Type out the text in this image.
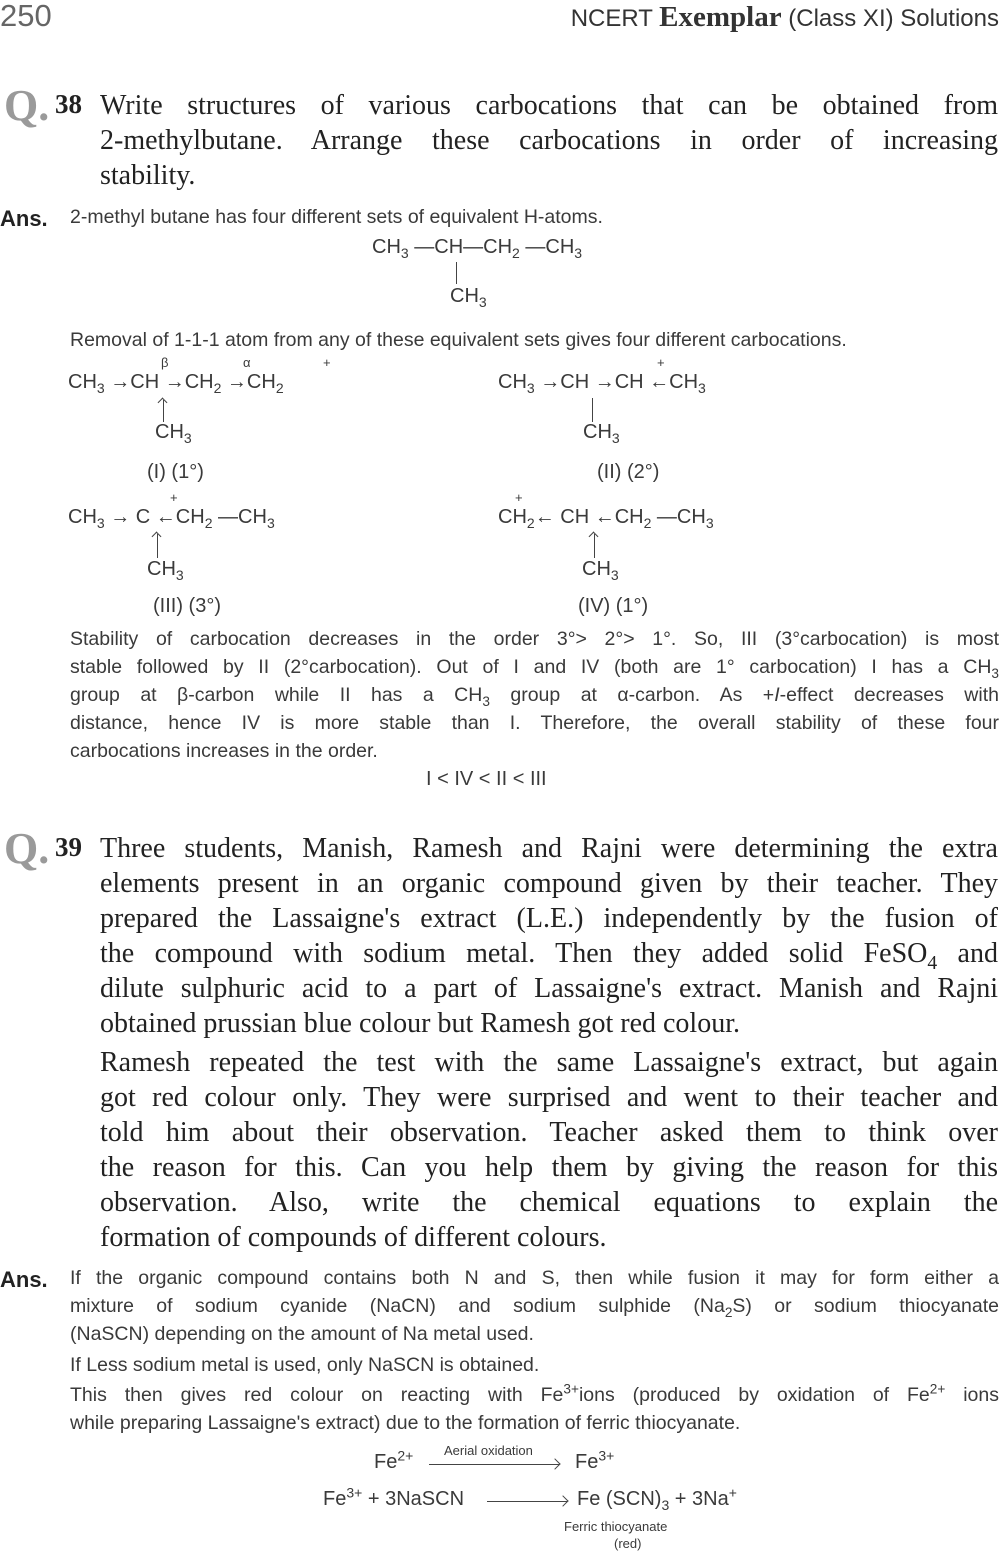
250	NCERT Exemplar (Class XI) Solutions
Q. 38 Write structures of various carbocations that can be obtained from
2-methylbutane. Arrange these carbocations in order of increasing
stability.
Ans. 2-methyl butane has four different sets of equivalent H-atoms.
$CH_3$ $—CH—CH_2$ $—CH_3$
$CH_3$
Removal of 1-1-1 atom from any of these equivalent sets gives four different carbocations.
β	α	+
$CH_3 \to CH \to CH_2 \to CH_2$
$CH_3$
(I) (1°)
+
$CH_3 \to CH \to CH$ $\leftarrow CH_3$
$CH_3$
(II) (2°)
+
$CH_3 \to C$ $\leftarrow CH_2$ $—CH_3$
$CH_3$
(III) (3°)
+
$CH_2\leftarrow$ CH $\leftarrow CH_2$ $—CH_3$
$CH_3$
(IV) (1°)
Stability of carbocation decreases in the order 3°> 2°> 1°. So, III (3°carbocation) is most
stable followed by II (2°carbocation). Out of I and IV (both are 1° carbocation) I has a $CH_3$
group at β-carbon while II has a $CH_3$ group at α-carbon. As +I-effect decreases with
distance, hence IV is more stable than I. Therefore, the overall stability of these four
carbocations increases in the order.
I < IV < II < III
Q. 39 Three students, Manish, Ramesh and Rajni were determining the extra
elements present in an organic compound given by their teacher. They
prepared the Lassaigne's extract (L.E.) independently by the fusion of
the compound with sodium metal. Then they added solid FeSO$_4$ and
dilute sulphuric acid to a part of Lassaigne's extract. Manish and Rajni
obtained prussian blue colour but Ramesh got red colour.
Ramesh repeated the test with the same Lassaigne's extract, but again
got red colour only. They were surprised and went to their teacher and
told him about their observation. Teacher asked them to think over
the reason for this. Can you help them by giving the reason for this
observation. Also, write the chemical equations to explain the
formation of compounds of different colours.
Ans. If the organic compound contains both N and S, then while fusion it may for form either a
mixture of sodium cyanide (NaCN) and sodium sulphide $(Na_2S)$ or sodium thiocyanate
(NaSCN) depending on the amount of Na metal used.
If Less sodium metal is used, only NaSCN is obtained.
This then gives red colour on reacting with $Fe^{3+}ions$ (produced by oxidation of $Fe^{2+}$ ions
while preparing Lassaigne's extract) due to the formation of ferric thiocyanate.
$Fe^{2+}$ Aerial oxidation
$Fe^{3+}$
$Fe^{3+}$ + 3NaSCN	Fe $(SCN)_3 + 3Na^+$
Ferric thiocyanate
(red)
